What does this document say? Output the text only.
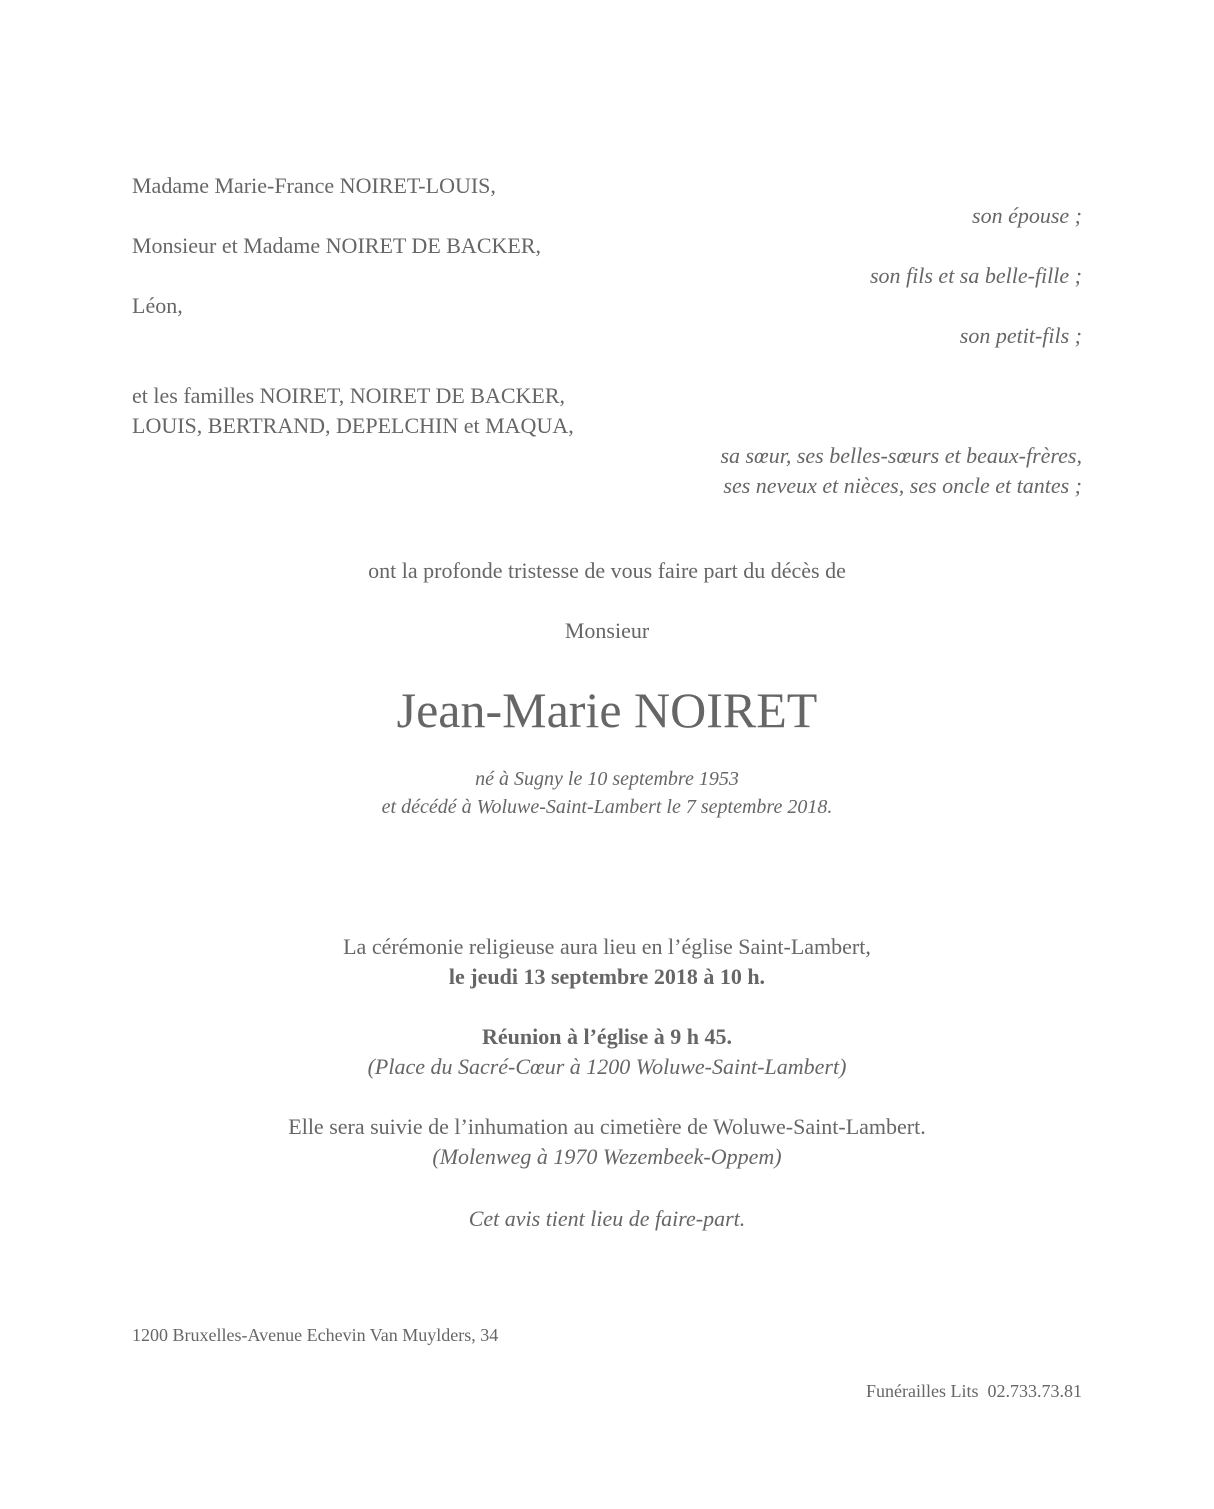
Madame Marie-France NOIRET-LOUIS,
son épouse ;
Monsieur et Madame NOIRET DE BACKER,
son fils et sa belle-fille ;
Léon,
son petit-fils ;
et les familles NOIRET, NOIRET DE BACKER,
LOUIS, BERTRAND, DEPELCHIN et MAQUA,
sa sœur, ses belles-sœurs et beaux-frères,
ses neveux et nièces, ses oncle et tantes ;
ont la profonde tristesse de vous faire part du décès de
Monsieur
Jean-Marie NOIRET
né à Sugny le 10 septembre 1953
et décédé à Woluwe-Saint-Lambert le 7 septembre 2018.
La cérémonie religieuse aura lieu en l’église Saint-Lambert,
le jeudi 13 septembre 2018 à 10 h.
Réunion à l’église à 9 h 45.
(Place du Sacré-Cœur à 1200 Woluwe-Saint-Lambert)
Elle sera suivie de l’inhumation au cimetière de Woluwe-Saint-Lambert.
(Molenweg à 1970 Wezembeek-Oppem)
Cet avis tient lieu de faire-part.
1200 Bruxelles-Avenue Echevin Van Muylders, 34
Funérailles Lits  02.733.73.81
